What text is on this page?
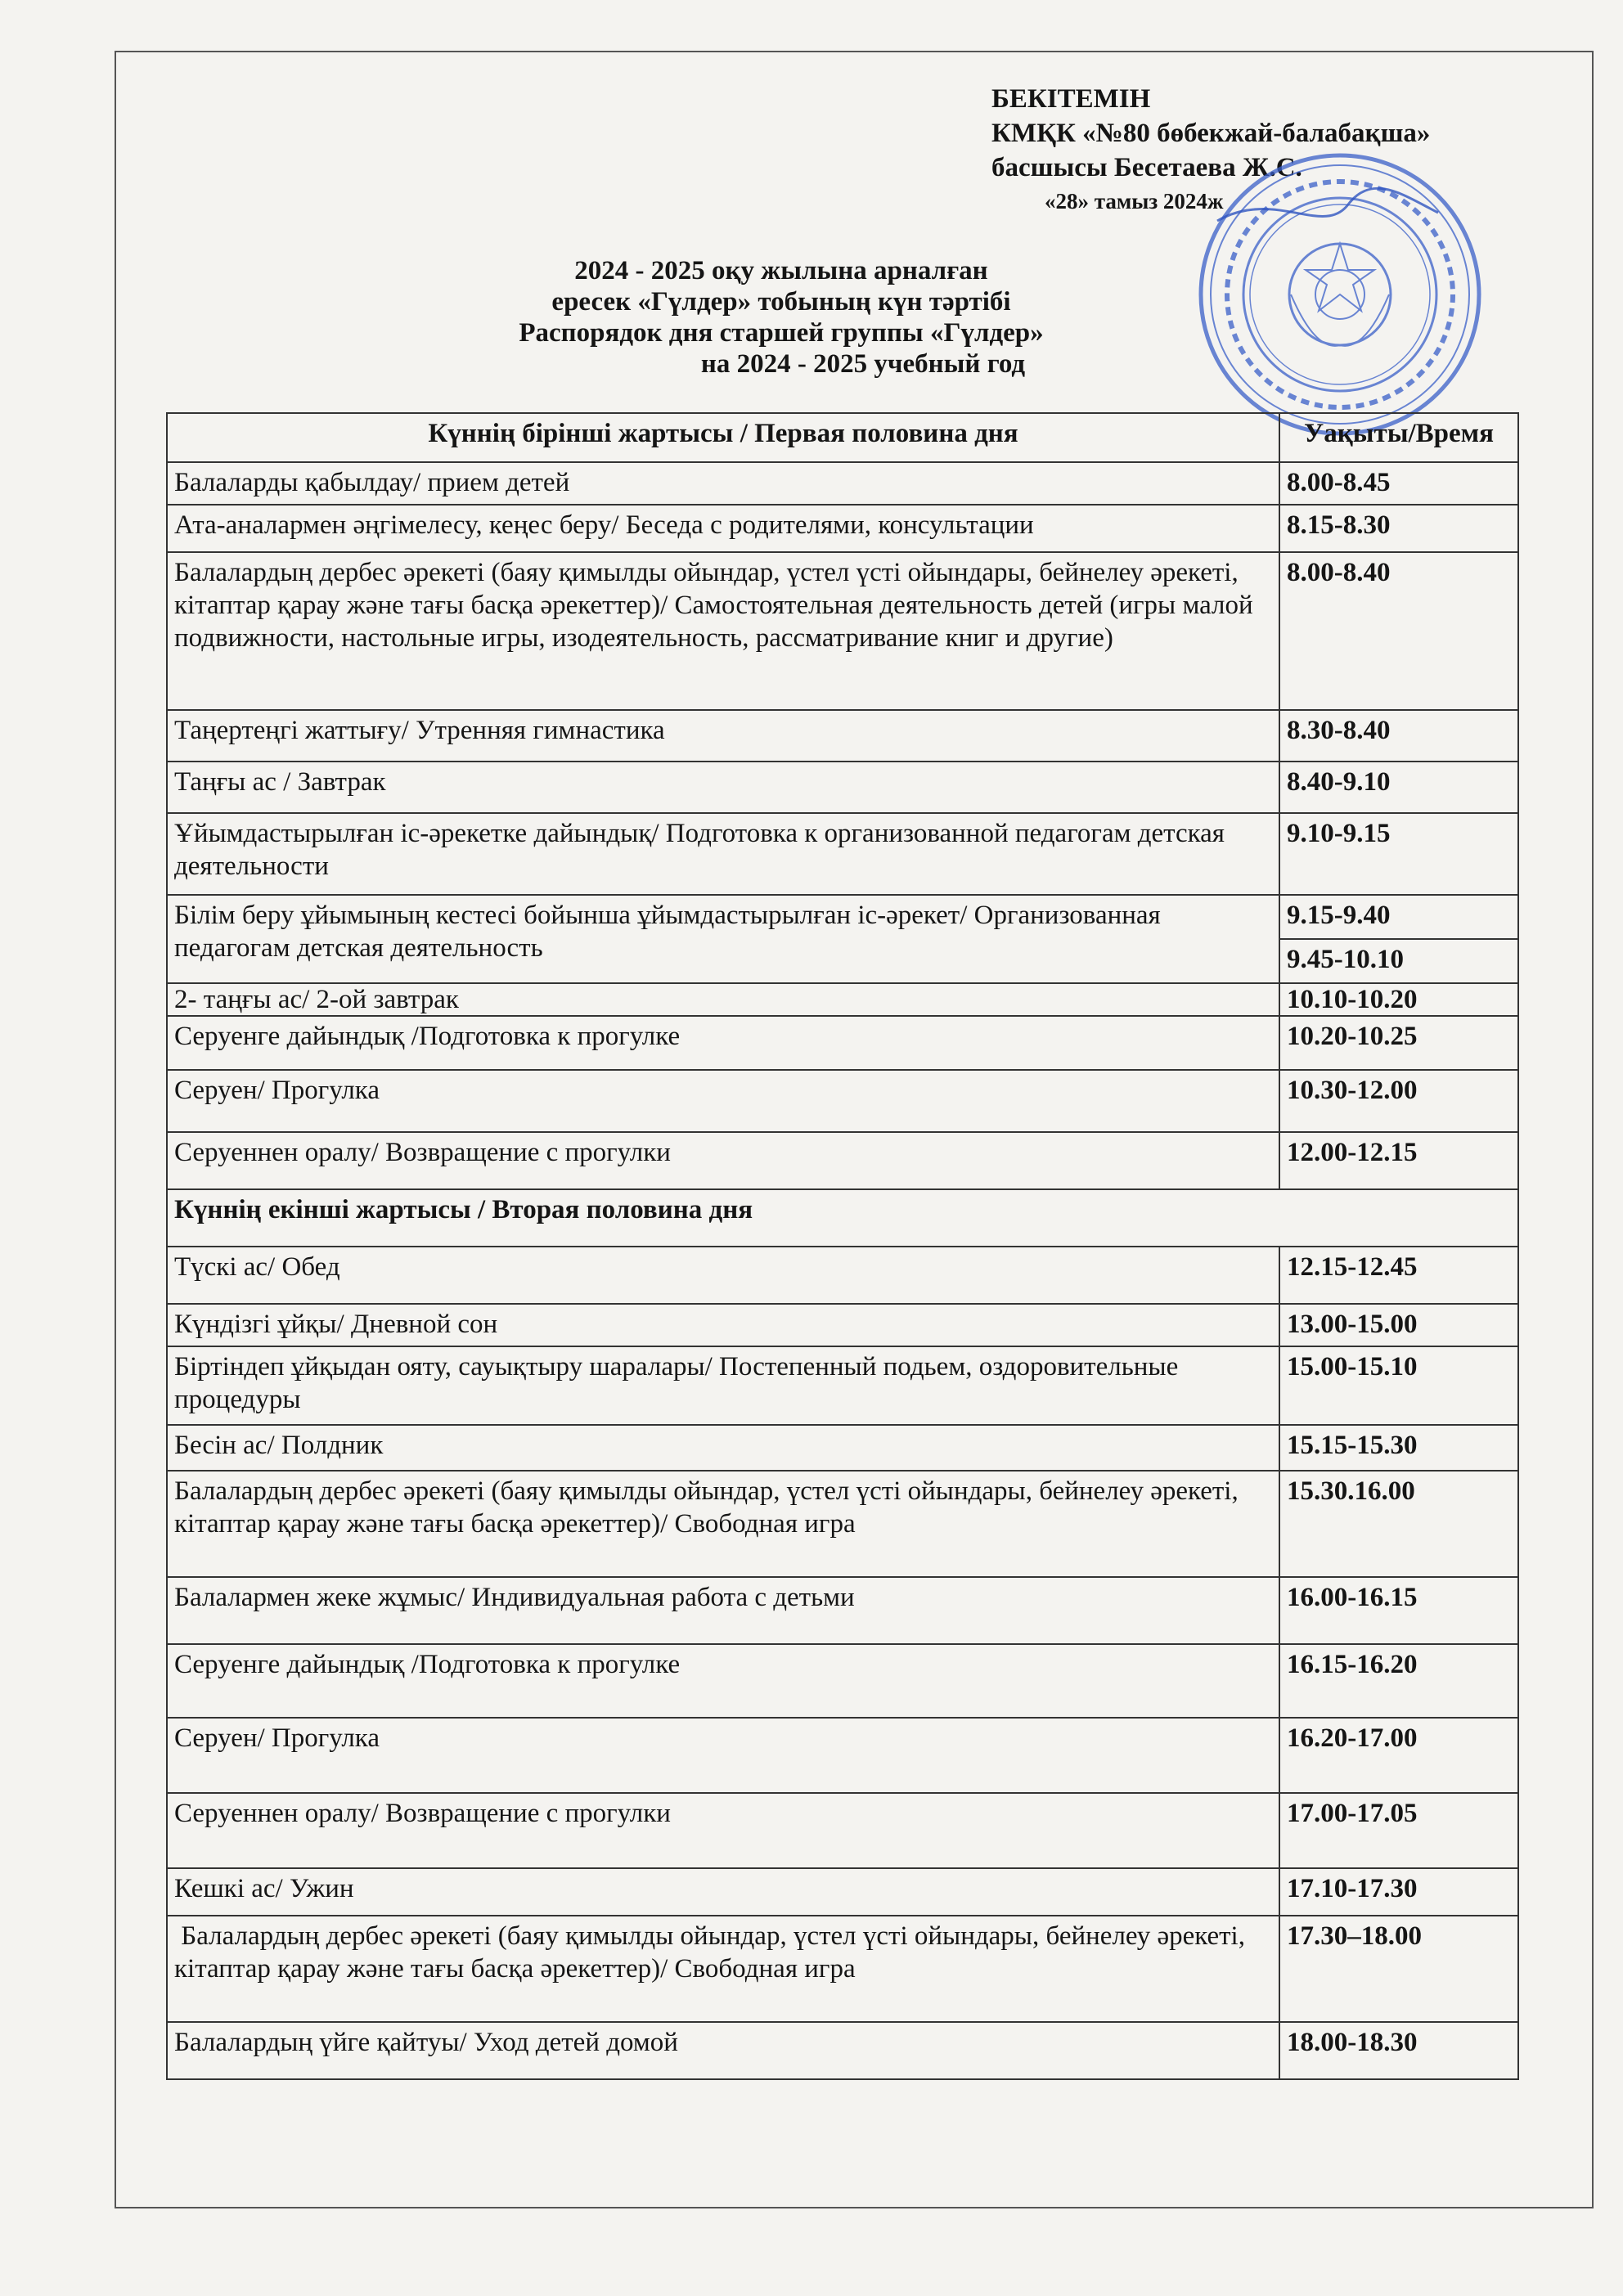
БЕКІТЕМІН
КМҚК «№80 бөбекжай-балабақша»
басшысы Бесетаева Ж.С.
«28» тамыз 2024ж
2024 - 2025 оқу жылына арналған
ересек «Гүлдер» тобының күн тәртібі
Распорядок дня старшей группы «Гүлдер»
на 2024 - 2025 учебный год
Күннің бірінші жартысы / Первая половина дня	Уақыты/Время
Балаларды қабылдау/ прием детей	8.00-8.45
Ата-аналармен әңгімелесу, кеңес беру/ Беседа с родителями, консультации	8.15-8.30
Балалардың дербес әрекеті (баяу қимылды ойындар, үстел үсті ойындары, бейнелеу әрекеті, кітаптар қарау және тағы басқа әрекеттер)/ Самостоятельная деятельность детей (игры малой подвижности, настольные игры, изодеятельность, рассматривание книг и другие)	8.00-8.40
Таңертеңгі жаттығу/ Утренняя гимнастика	8.30-8.40
Таңғы ас / Завтрак	8.40-9.10
Ұйымдастырылған іс-әрекетке дайындық/ Подготовка к организованной педагогам детская деятельности	9.10-9.15
Білім беру ұйымының кестесі бойынша ұйымдастырылған іс-әрекет/ Организованная педагогам детская деятельность	9.15-9.40
	9.45-10.10
2- таңғы ас/ 2-ой завтрак	10.10-10.20
Серуенге дайындық /Подготовка к прогулке	10.20-10.25
Серуен/ Прогулка	10.30-12.00
Серуеннен оралу/ Возвращение с прогулки	12.00-12.15
Күннің екінші жартысы / Вторая половина дня	
Түскі ас/ Обед	12.15-12.45
Күндізгі ұйқы/ Дневной сон	13.00-15.00
Біртіндеп ұйқыдан ояту, сауықтыру шаралары/ Постепенный подьем, оздоровительные процедуры	15.00-15.10
Бесін ас/ Полдник	15.15-15.30
Балалардың дербес әрекеті (баяу қимылды ойындар, үстел үсті ойындары, бейнелеу әрекеті, кітаптар қарау және тағы басқа әрекеттер)/ Свободная игра	15.30.16.00
Балалармен жеке жұмыс/ Индивидуальная работа с детьми	16.00-16.15
Серуенге дайындық /Подготовка к прогулке	16.15-16.20
Серуен/ Прогулка	16.20-17.00
Серуеннен оралу/ Возвращение с прогулки	17.00-17.05
Кешкі ас/ Ужин	17.10-17.30
Балалардың дербес әрекеті (баяу қимылды ойындар, үстел үсті ойындары, бейнелеу әрекеті, кітаптар қарау және тағы басқа әрекеттер)/ Свободная игра	17.30–18.00
Балалардың үйге қайтуы/ Уход детей домой	18.00-18.30
